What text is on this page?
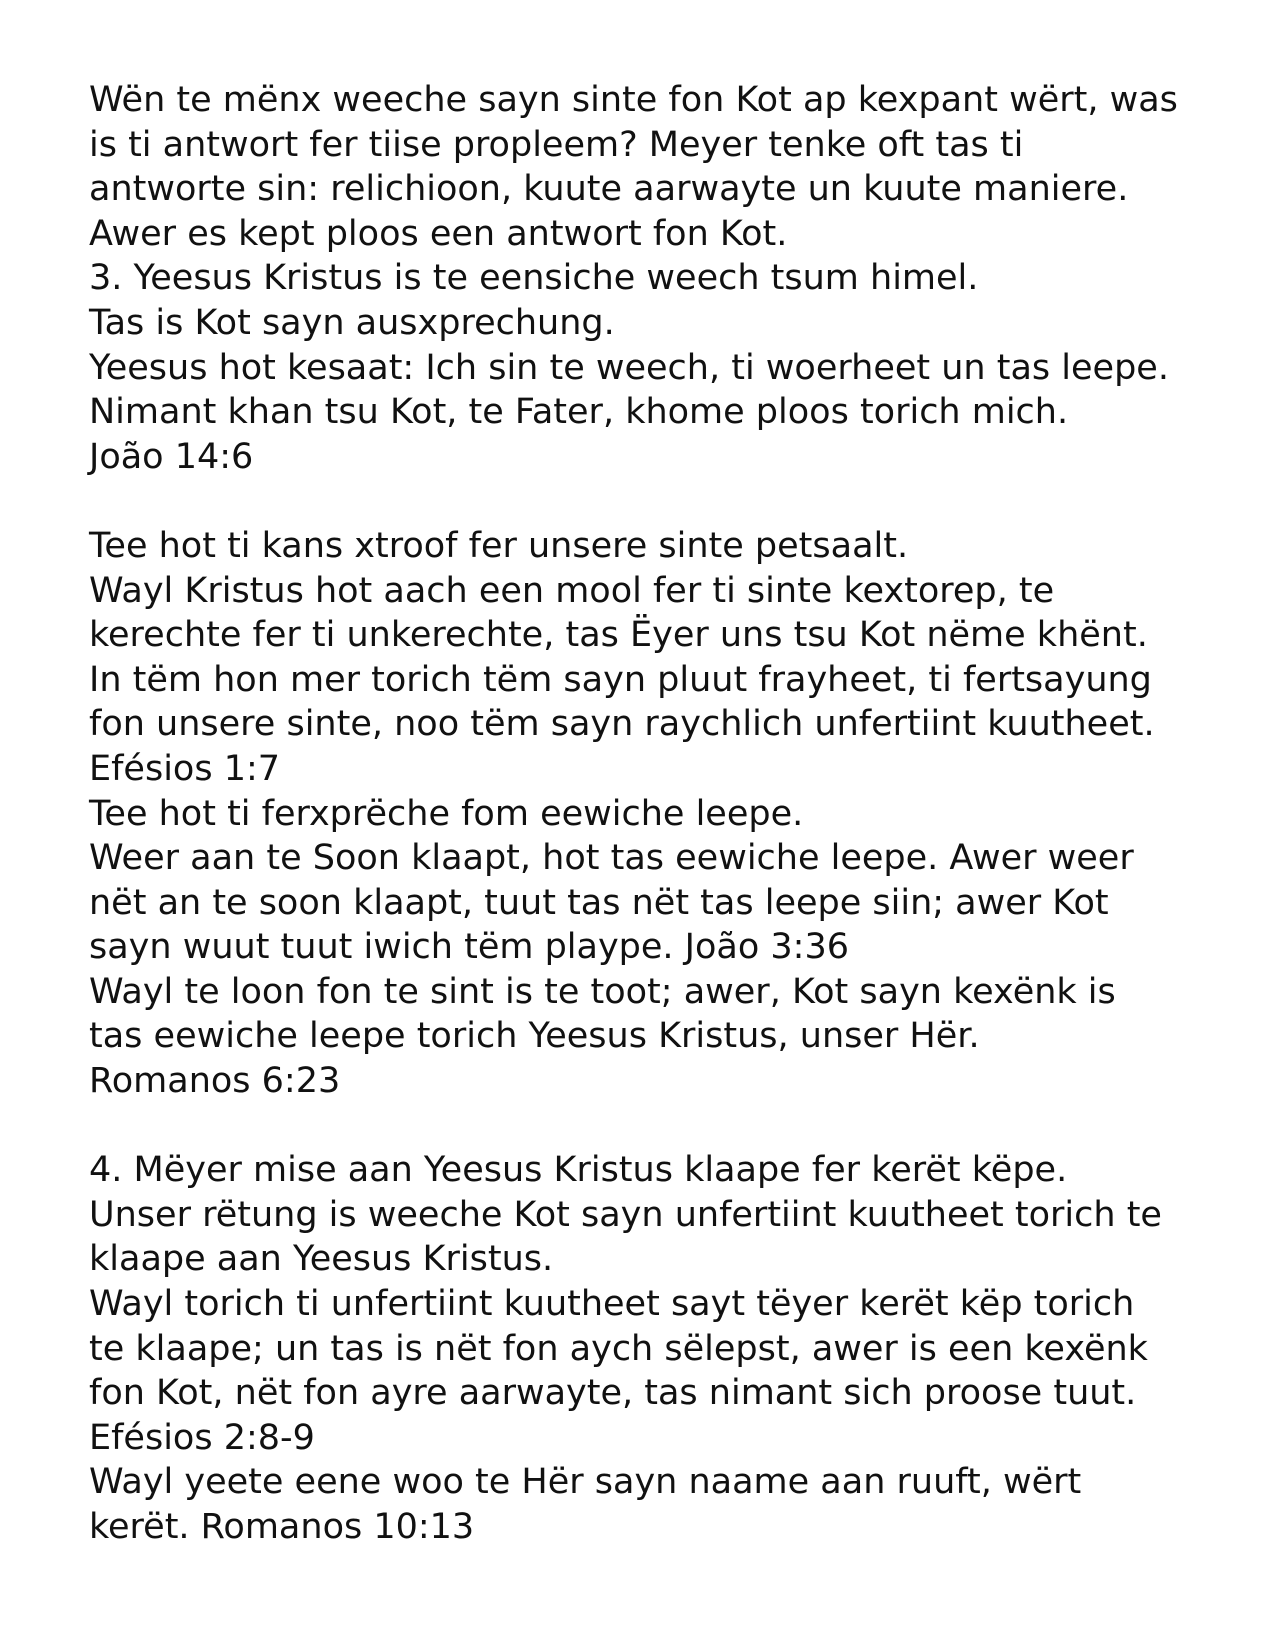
Wën te mënx weeche sayn sinte fon Kot ap kexpant wërt, was
is ti antwort fer tiise propleem? Meyer tenke oft tas ti
antworte sin: relichioon, kuute aarwayte un kuute maniere.
Awer es kept ploos een antwort fon Kot.
3. Yeesus Kristus is te eensiche weech tsum himel.
Tas is Kot sayn ausxprechung.
Yeesus hot kesaat: Ich sin te weech, ti woerheet un tas leepe.
Nimant khan tsu Kot, te Fater, khome ploos torich mich.
João 14:6
Tee hot ti kans xtroof fer unsere sinte petsaalt.
Wayl Kristus hot aach een mool fer ti sinte kextorep, te
kerechte fer ti unkerechte, tas Ëyer uns tsu Kot nëme khënt.
In tëm hon mer torich tëm sayn pluut frayheet, ti fertsayung
fon unsere sinte, noo tëm sayn raychlich unfertiint kuutheet.
Efésios 1:7
Tee hot ti ferxprëche fom eewiche leepe.
Weer aan te Soon klaapt, hot tas eewiche leepe. Awer weer
nët an te soon klaapt, tuut tas nët tas leepe siin; awer Kot
sayn wuut tuut iwich tëm plaype. João 3:36
Wayl te loon fon te sint is te toot; awer, Kot sayn kexënk is
tas eewiche leepe torich Yeesus Kristus, unser Hër.
Romanos 6:23
4. Mëyer mise aan Yeesus Kristus klaape fer kerët këpe.
Unser rëtung is weeche Kot sayn unfertiint kuutheet torich te
klaape aan Yeesus Kristus.
Wayl torich ti unfertiint kuutheet sayt tëyer kerët këp torich
te klaape; un tas is nët fon aych sëlepst, awer is een kexënk
fon Kot, nët fon ayre aarwayte, tas nimant sich proose tuut.
Efésios 2:8-9
Wayl yeete eene woo te Hër sayn naame aan ruuft, wërt
kerët. Romanos 10:13
